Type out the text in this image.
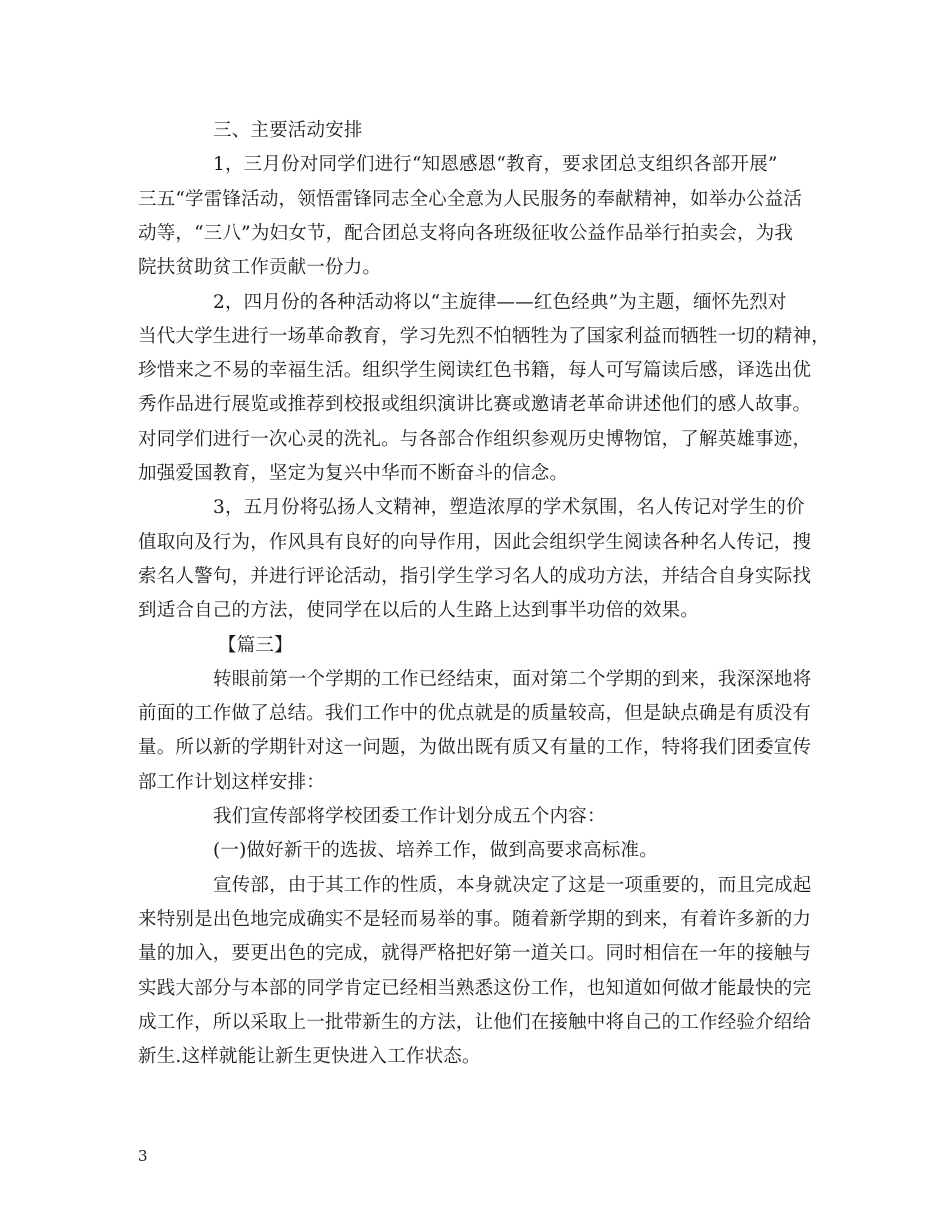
三、主要活动安排
1，三月份对同学们进行“知恩感恩“教育，要求团总支组织各部开展”
三五“学雷锋活动，领悟雷锋同志全心全意为人民服务的奉献精神，如举办公益活
动等，“三八”为妇女节，配合团总支将向各班级征收公益作品举行拍卖会，为我
院扶贫助贫工作贡献一份力。
2，四月份的各种活动将以“主旋律——红色经典”为主题，缅怀先烈对
当代大学生进行一场革命教育，学习先烈不怕牺牲为了国家利益而牺牲一切的精神，
珍惜来之不易的幸福生活。组织学生阅读红色书籍，每人可写篇读后感，译选出优
秀作品进行展览或推荐到校报或组织演讲比赛或邀请老革命讲述他们的感人故事。
对同学们进行一次心灵的洗礼。与各部合作组织参观历史博物馆，了解英雄事迹，
加强爱国教育，坚定为复兴中华而不断奋斗的信念。
3，五月份将弘扬人文精神，塑造浓厚的学术氛围，名人传记对学生的价
值取向及行为，作风具有良好的向导作用，因此会组织学生阅读各种名人传记，搜
索名人警句，并进行评论活动，指引学生学习名人的成功方法，并结合自身实际找
到适合自己的方法，使同学在以后的人生路上达到事半功倍的效果。
【篇三】
转眼前第一个学期的工作已经结束，面对第二个学期的到来，我深深地将
前面的工作做了总结。我们工作中的优点就是的质量较高，但是缺点确是有质没有
量。所以新的学期针对这一问题，为做出既有质又有量的工作，特将我们团委宣传
部工作计划这样安排：
我们宣传部将学校团委工作计划分成五个内容：
(一)做好新干的选拔、培养工作，做到高要求高标准。
宣传部，由于其工作的性质，本身就决定了这是一项重要的，而且完成起
来特别是出色地完成确实不是轻而易举的事。随着新学期的到来，有着许多新的力
量的加入，要更出色的完成，就得严格把好第一道关口。同时相信在一年的接触与
实践大部分与本部的同学肯定已经相当熟悉这份工作，也知道如何做才能最快的完
成工作，所以采取上一批带新生的方法，让他们在接触中将自己的工作经验介绍给
新生.这样就能让新生更快进入工作状态。
3
